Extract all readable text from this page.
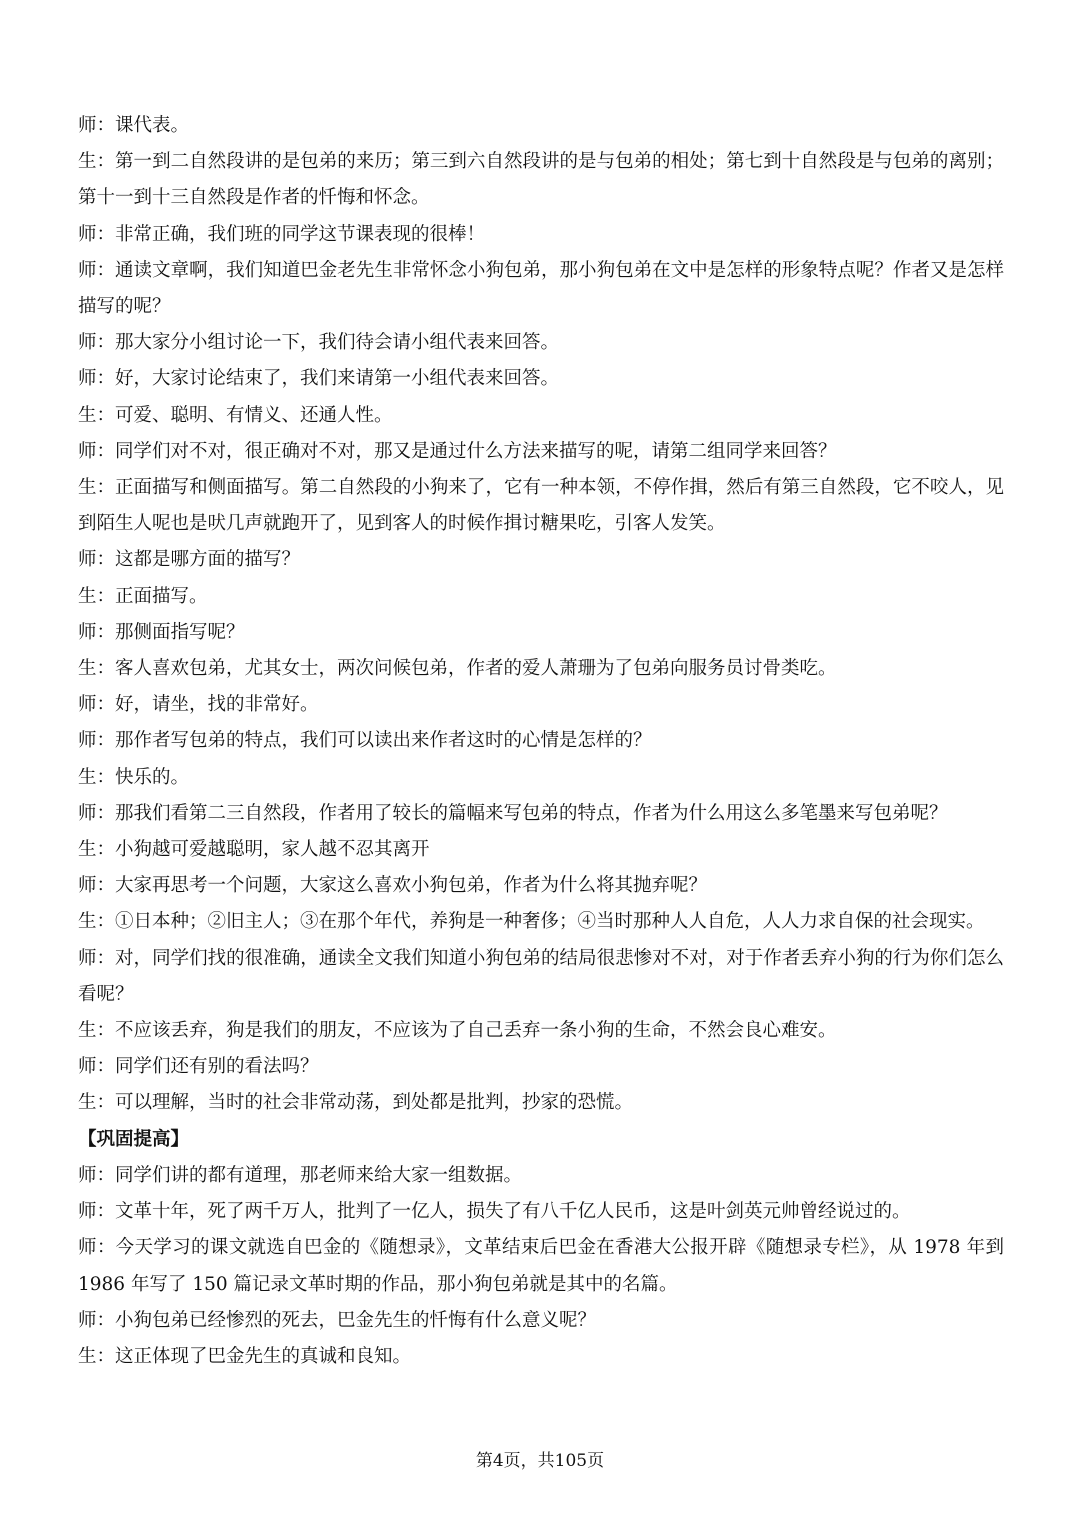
师：课代表。

生：第一到二自然段讲的是包弟的来历；第三到六自然段讲的是与包弟的相处；第七到十自然段是与包弟的离别；第十一到十三自然段是作者的忏悔和怀念。

师：非常正确，我们班的同学这节课表现的很棒！

师：通读文章啊，我们知道巴金老先生非常怀念小狗包弟，那小狗包弟在文中是怎样的形象特点呢？作者又是怎样描写的呢？

师：那大家分小组讨论一下，我们待会请小组代表来回答。

师：好，大家讨论结束了，我们来请第一小组代表来回答。

生：可爱、聪明、有情义、还通人性。

师：同学们对不对，很正确对不对，那又是通过什么方法来描写的呢，请第二组同学来回答？

生：正面描写和侧面描写。第二自然段的小狗来了，它有一种本领，不停作揖，然后有第三自然段，它不咬人，见到陌生人呢也是吠几声就跑开了，见到客人的时候作揖讨糖果吃，引客人发笑。

师：这都是哪方面的描写？

生：正面描写。

师：那侧面指写呢？

生：客人喜欢包弟，尤其女士，两次问候包弟，作者的爱人萧珊为了包弟向服务员讨骨类吃。

师：好，请坐，找的非常好。

师：那作者写包弟的特点，我们可以读出来作者这时的心情是怎样的？

生：快乐的。

师：那我们看第二三自然段，作者用了较长的篇幅来写包弟的特点，作者为什么用这么多笔墨来写包弟呢？

生：小狗越可爱越聪明，家人越不忍其离开

师：大家再思考一个问题，大家这么喜欢小狗包弟，作者为什么将其抛弃呢？

生：①日本种；②旧主人；③在那个年代，养狗是一种奢侈；④当时那种人人自危，人人力求自保的社会现实。

师：对，同学们找的很准确，通读全文我们知道小狗包弟的结局很悲惨对不对，对于作者丢弃小狗的行为你们怎么看呢？

生：不应该丢弃，狗是我们的朋友，不应该为了自己丢弃一条小狗的生命，不然会良心难安。

师：同学们还有别的看法吗？

生：可以理解，当时的社会非常动荡，到处都是批判，抄家的恐慌。

【巩固提高】

师：同学们讲的都有道理，那老师来给大家一组数据。

师：文革十年，死了两千万人，批判了一亿人，损失了有八千亿人民币，这是叶剑英元帅曾经说过的。

师：今天学习的课文就选自巴金的《随想录》，文革结束后巴金在香港大公报开辟《随想录专栏》，从 1978 年到 1986 年写了 150 篇记录文革时期的作品，那小狗包弟就是其中的名篇。

师：小狗包弟已经惨烈的死去，巴金先生的忏悔有什么意义呢？

生：这正体现了巴金先生的真诚和良知。

第4页，共105页
